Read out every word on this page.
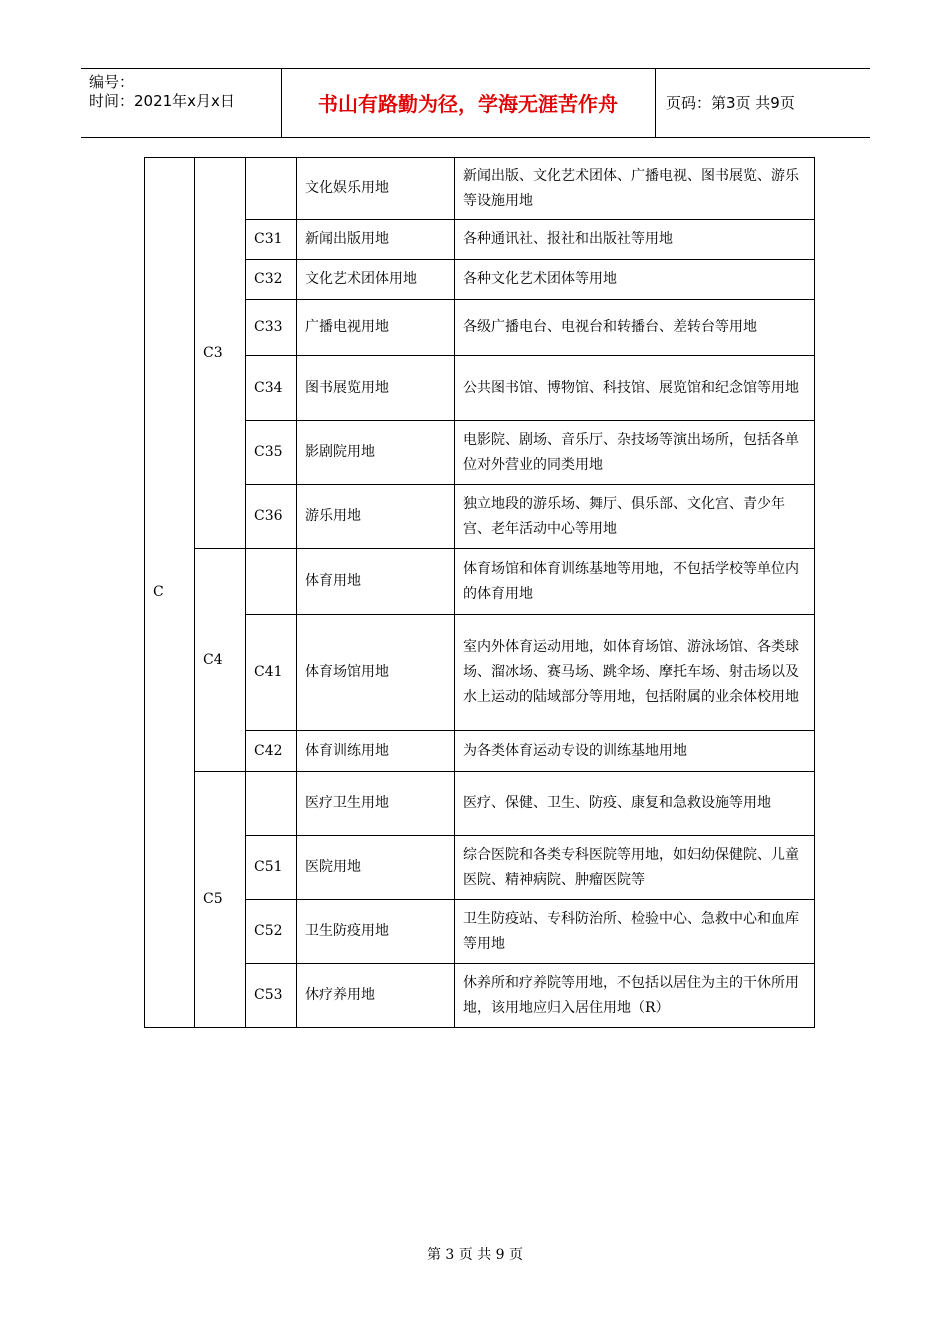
编号：
时间：2021年x月x日	书山有路勤为径，学海无涯苦作舟	页码：第3页 共9页
C	C3		文化娱乐用地	新闻出版、文化艺术团体、广播电视、图书展览、游乐等设施用地
		C31	新闻出版用地	各种通讯社、报社和出版社等用地
		C32	文化艺术团体用地	各种文化艺术团体等用地
		C33	广播电视用地	各级广播电台、电视台和转播台、差转台等用地
		C34	图书展览用地	公共图书馆、博物馆、科技馆、展览馆和纪念馆等用地
		C35	影剧院用地	电影院、剧场、音乐厅、杂技场等演出场所，包括各单位对外营业的同类用地
		C36	游乐用地	独立地段的游乐场、舞厅、俱乐部、文化宫、青少年宫、老年活动中心等用地
	C4		体育用地	体育场馆和体育训练基地等用地，不包括学校等单位内的体育用地
		C41	体育场馆用地	室内外体育运动用地，如体育场馆、游泳场馆、各类球场、溜冰场、赛马场、跳伞场、摩托车场、射击场以及水上运动的陆域部分等用地，包括附属的业余体校用地
		C42	体育训练用地	为各类体育运动专设的训练基地用地
	C5		医疗卫生用地	医疗、保健、卫生、防疫、康复和急救设施等用地
		C51	医院用地	综合医院和各类专科医院等用地，如妇幼保健院、儿童医院、精神病院、肿瘤医院等
		C52	卫生防疫用地	卫生防疫站、专科防治所、检验中心、急救中心和血库等用地
		C53	休疗养用地	休养所和疗养院等用地，不包括以居住为主的干休所用地，该用地应归入居住用地（R）
第 3 页 共 9 页
